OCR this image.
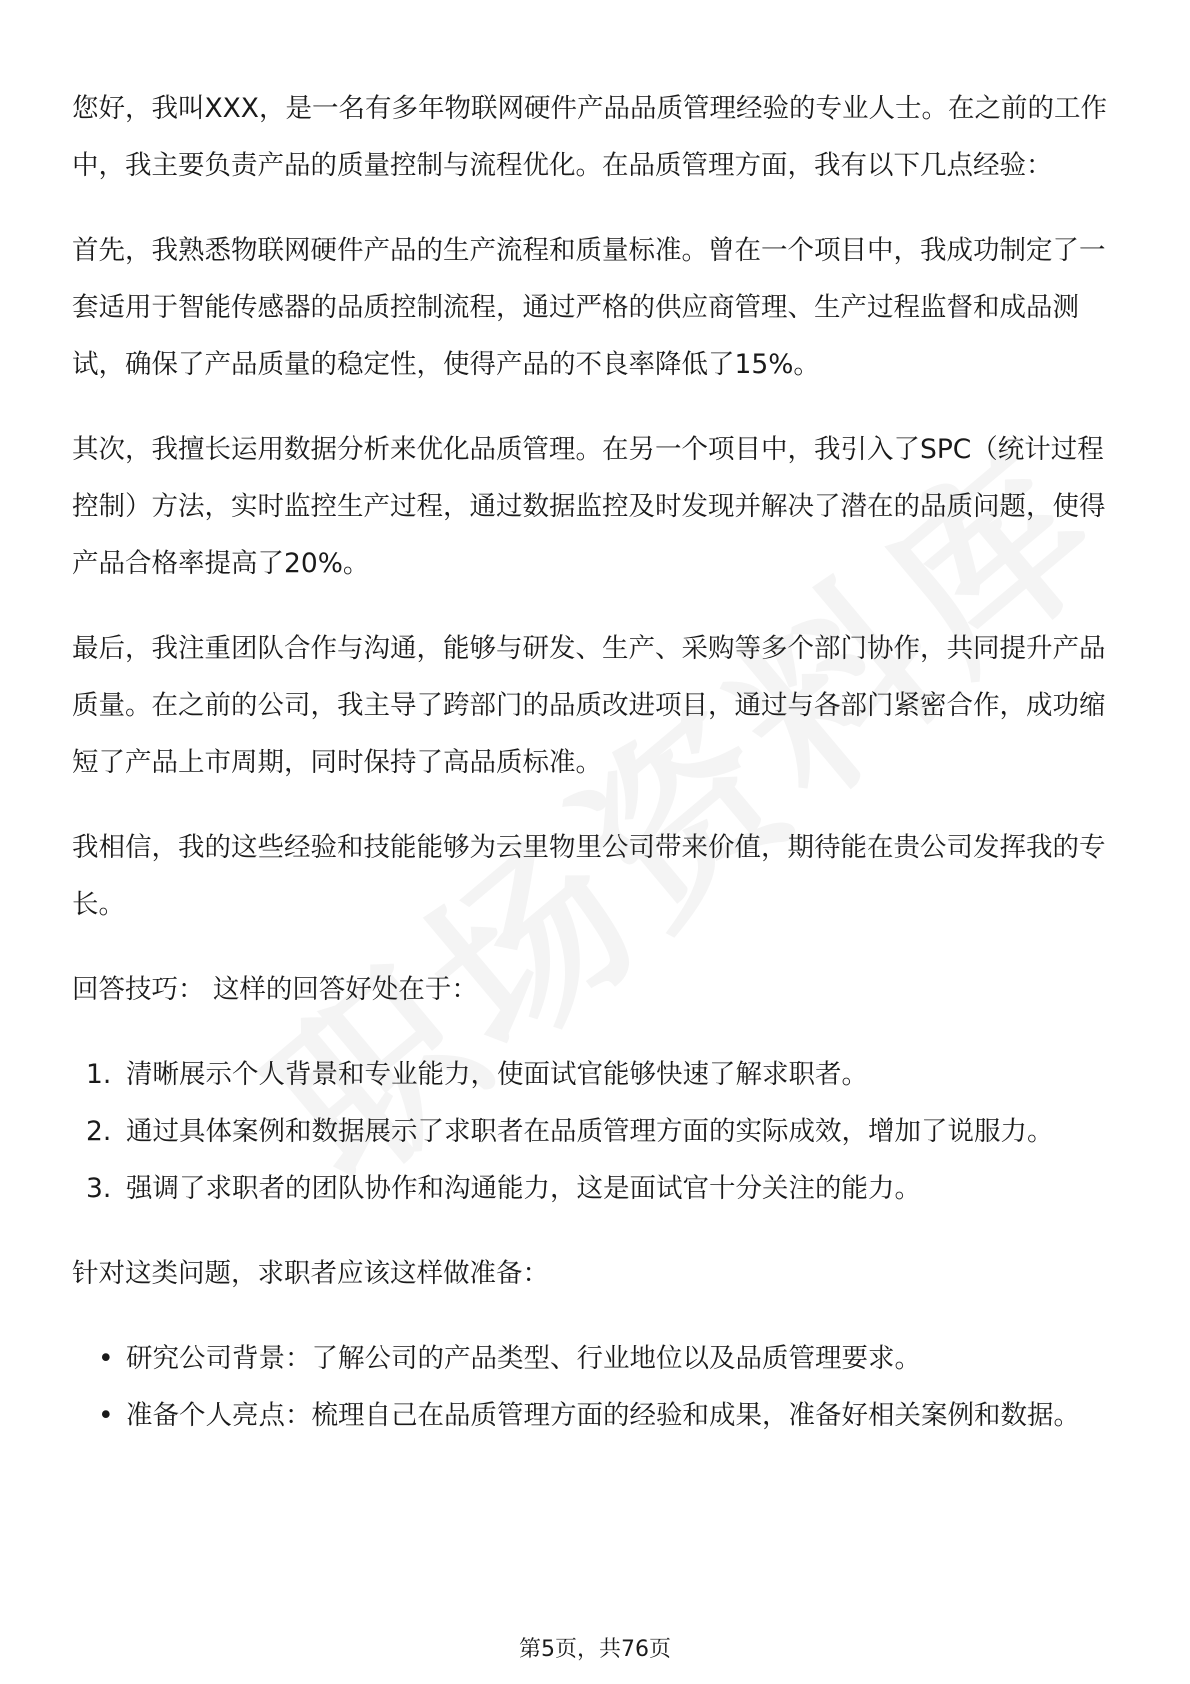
您好，我叫XXX，是一名有多年物联网硬件产品品质管理经验的专业人士。在之前的工作中，我主要负责产品的质量控制与流程优化。在品质管理方面，我有以下几点经验：

首先，我熟悉物联网硬件产品的生产流程和质量标准。曾在一个项目中，我成功制定了一套适用于智能传感器的品质控制流程，通过严格的供应商管理、生产过程监督和成品测试，确保了产品质量的稳定性，使得产品的不良率降低了15%。

其次，我擅长运用数据分析来优化品质管理。在另一个项目中，我引入了SPC（统计过程控制）方法，实时监控生产过程，通过数据监控及时发现并解决了潜在的品质问题，使得产品合格率提高了20%。

最后，我注重团队合作与沟通，能够与研发、生产、采购等多个部门协作，共同提升产品质量。在之前的公司，我主导了跨部门的品质改进项目，通过与各部门紧密合作，成功缩短了产品上市周期，同时保持了高品质标准。

我相信，我的这些经验和技能能够为云里物里公司带来价值，期待能在贵公司发挥我的专长。

回答技巧： 这样的回答好处在于：

1. 清晰展示个人背景和专业能力，使面试官能够快速了解求职者。
2. 通过具体案例和数据展示了求职者在品质管理方面的实际成效，增加了说服力。
3. 强调了求职者的团队协作和沟通能力，这是面试官十分关注的能力。

针对这类问题，求职者应该这样做准备：

• 研究公司背景：了解公司的产品类型、行业地位以及品质管理要求。
• 准备个人亮点：梳理自己在品质管理方面的经验和成果，准备好相关案例和数据。
第5页，共76页
